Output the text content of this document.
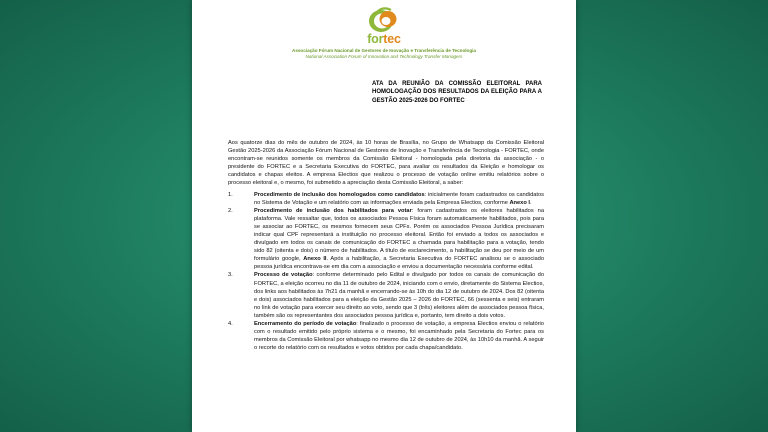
fortec
Associação Fórum Nacional de Gestores de Inovação e Transferência de Tecnologia
National Association Forum of Innovation and Technology Transfer Managers
ATA DA REUNIÃO DA COMISSÃO ELEITORAL PARA HOMOLOGAÇÃO DOS RESULTADOS DA ELEIÇÃO PARA A GESTÃO 2025-2026 DO FORTEC
Aos quatorze dias do mês de outubro de 2024, às 10 horas de Brasília, no Grupo de Whatsapp da Comissão Eleitoral Gestão 2025-2026 da Associação Fórum Nacional de Gestores de Inovação e Transferência de Tecnologia - FORTEC, onde encontram-se reunidos somente os membros da Comissão Eleitoral - homologada pela diretoria da associação - o presidente do FORTEC e a Secretaria Executiva do FORTEC, para avaliar os resultados da Eleição e homologar os candidatos e chapas eleitos. A empresa Electios que realizou o processo de votação online emitiu relatórios sobre o processo eleitoral e, o mesmo, foi submetido a apreciação desta Comissão Eleitoral, a saber:
1.	Procedimento de inclusão dos homologados como candidatos: inicialmente foram cadastrados os candidatos no Sistema de Votação e um relatório com as informações enviada pela Empresa Electios, conforme Anexo I.
2.	Procedimento de inclusão dos habilitados para votar: foram cadastrados os eleitores habilitados na plataforma. Vale ressaltar que, todos os associados Pessoa Física foram automaticamente habilitados, pois para se associar ao FORTEC, os mesmos fornecem seus CPFs. Porém os associados Pessoa Jurídica precisaram indicar qual CPF representará a instituição no processo eleitoral. Então foi enviado a todos os associados e divulgado em todos os canais de comunicação do FORTEC a chamada para habilitação para a votação, tendo sido 82 (oitenta e dois) o número de habilitados. A título de esclarecimento, a habilitação se deu por meio de um formulário google, Anexo II. Após a habilitação, a Secretaria Executiva do FORTEC analisou se o associado pessoa jurídica encontrava-se em dia com a associação e enviou a documentação necessária conforme edital.
3.	Processo de votação: conforme determinado pelo Edital e divulgado por todos os canais de comunicação do FORTEC, a eleição ocorreu no dia 11 de outubro de 2024, iniciando com o envio, diretamente do Sistema Electios, dos links aos habilitados às 7h21 da manhã e encerrando-se às 10h do dia 12 de outubro de 2024. Dos 82 (oitenta e dois) associados habilitados para a eleição da Gestão 2025 – 2026 do FORTEC, 66 (sessenta e seis) entraram no link de votação para exercer seu direito ao voto, sendo que 3 (três) eleitores além de associados pessoa física, também são os representantes dos associados pessoa jurídica e, portanto, tem direito a dois votos.
4.	Encerramento do período de votação: finalizado o processo de votação, a empresa Electios enviou o relatório com o resultado emitido pelo próprio sistema e o mesmo, foi encaminhado pela Secretaria do Fortec para os membros da Comissão Eleitoral por whatsapp no mesmo dia 12 de outubro de 2024, às 10h10 da manhã. A seguir o recorte do relatório com os resultados e votos obtidos por cada chapa/candidato.
